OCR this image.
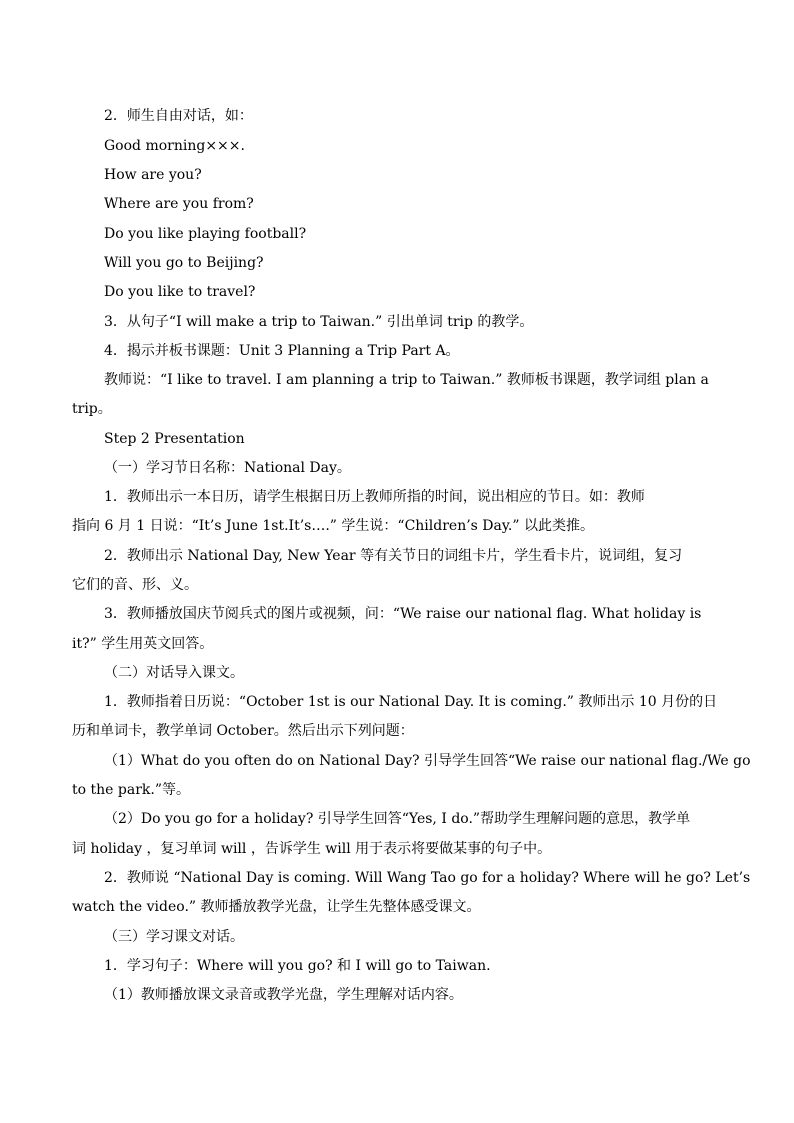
2．师生自由对话，如：

Good morning×××.

How are you?

Where are you from?

Do you like playing football?

Will you go to Beijing?

Do you like to travel?

3．从句子“I will make a trip to Taiwan.” 引出单词 trip 的教学。

4．揭示并板书课题：Unit 3 Planning a Trip Part A。

教师说：“I like to travel. I am planning a trip to Taiwan.” 教师板书课题，教学词组 plan a

trip。

Step 2 Presentation

（一）学习节日名称：National Day。

1．教师出示一本日历，请学生根据日历上教师所指的时间，说出相应的节日。如：教师

指向 6 月 1 日说：“It’s June 1st.It’s….” 学生说：“Children’s Day.” 以此类推。

2．教师出示 National Day, New Year 等有关节日的词组卡片，学生看卡片，说词组，复习

它们的音、形、义。

3．教师播放国庆节阅兵式的图片或视频，问：“We raise our national flag. What holiday is

it?” 学生用英文回答。

（二）对话导入课文。

1．教师指着日历说：“October 1st is our National Day. It is coming.” 教师出示 10 月份的日

历和单词卡，教学单词 October。然后出示下列问题：

（1）What do you often do on National Day? 引导学生回答“We raise our national flag./We go

to the park.”等。

（2）Do you go for a holiday? 引导学生回答“Yes, I do.”帮助学生理解问题的意思，教学单

词 holiday ，复习单词 will ，告诉学生 will 用于表示将要做某事的句子中。

2．教师说 “National Day is coming. Will Wang Tao go for a holiday? Where will he go? Let’s

watch the video.” 教师播放教学光盘，让学生先整体感受课文。

（三）学习课文对话。

1．学习句子：Where will you go? 和 I will go to Taiwan.

（1）教师播放课文录音或教学光盘，学生理解对话内容。
